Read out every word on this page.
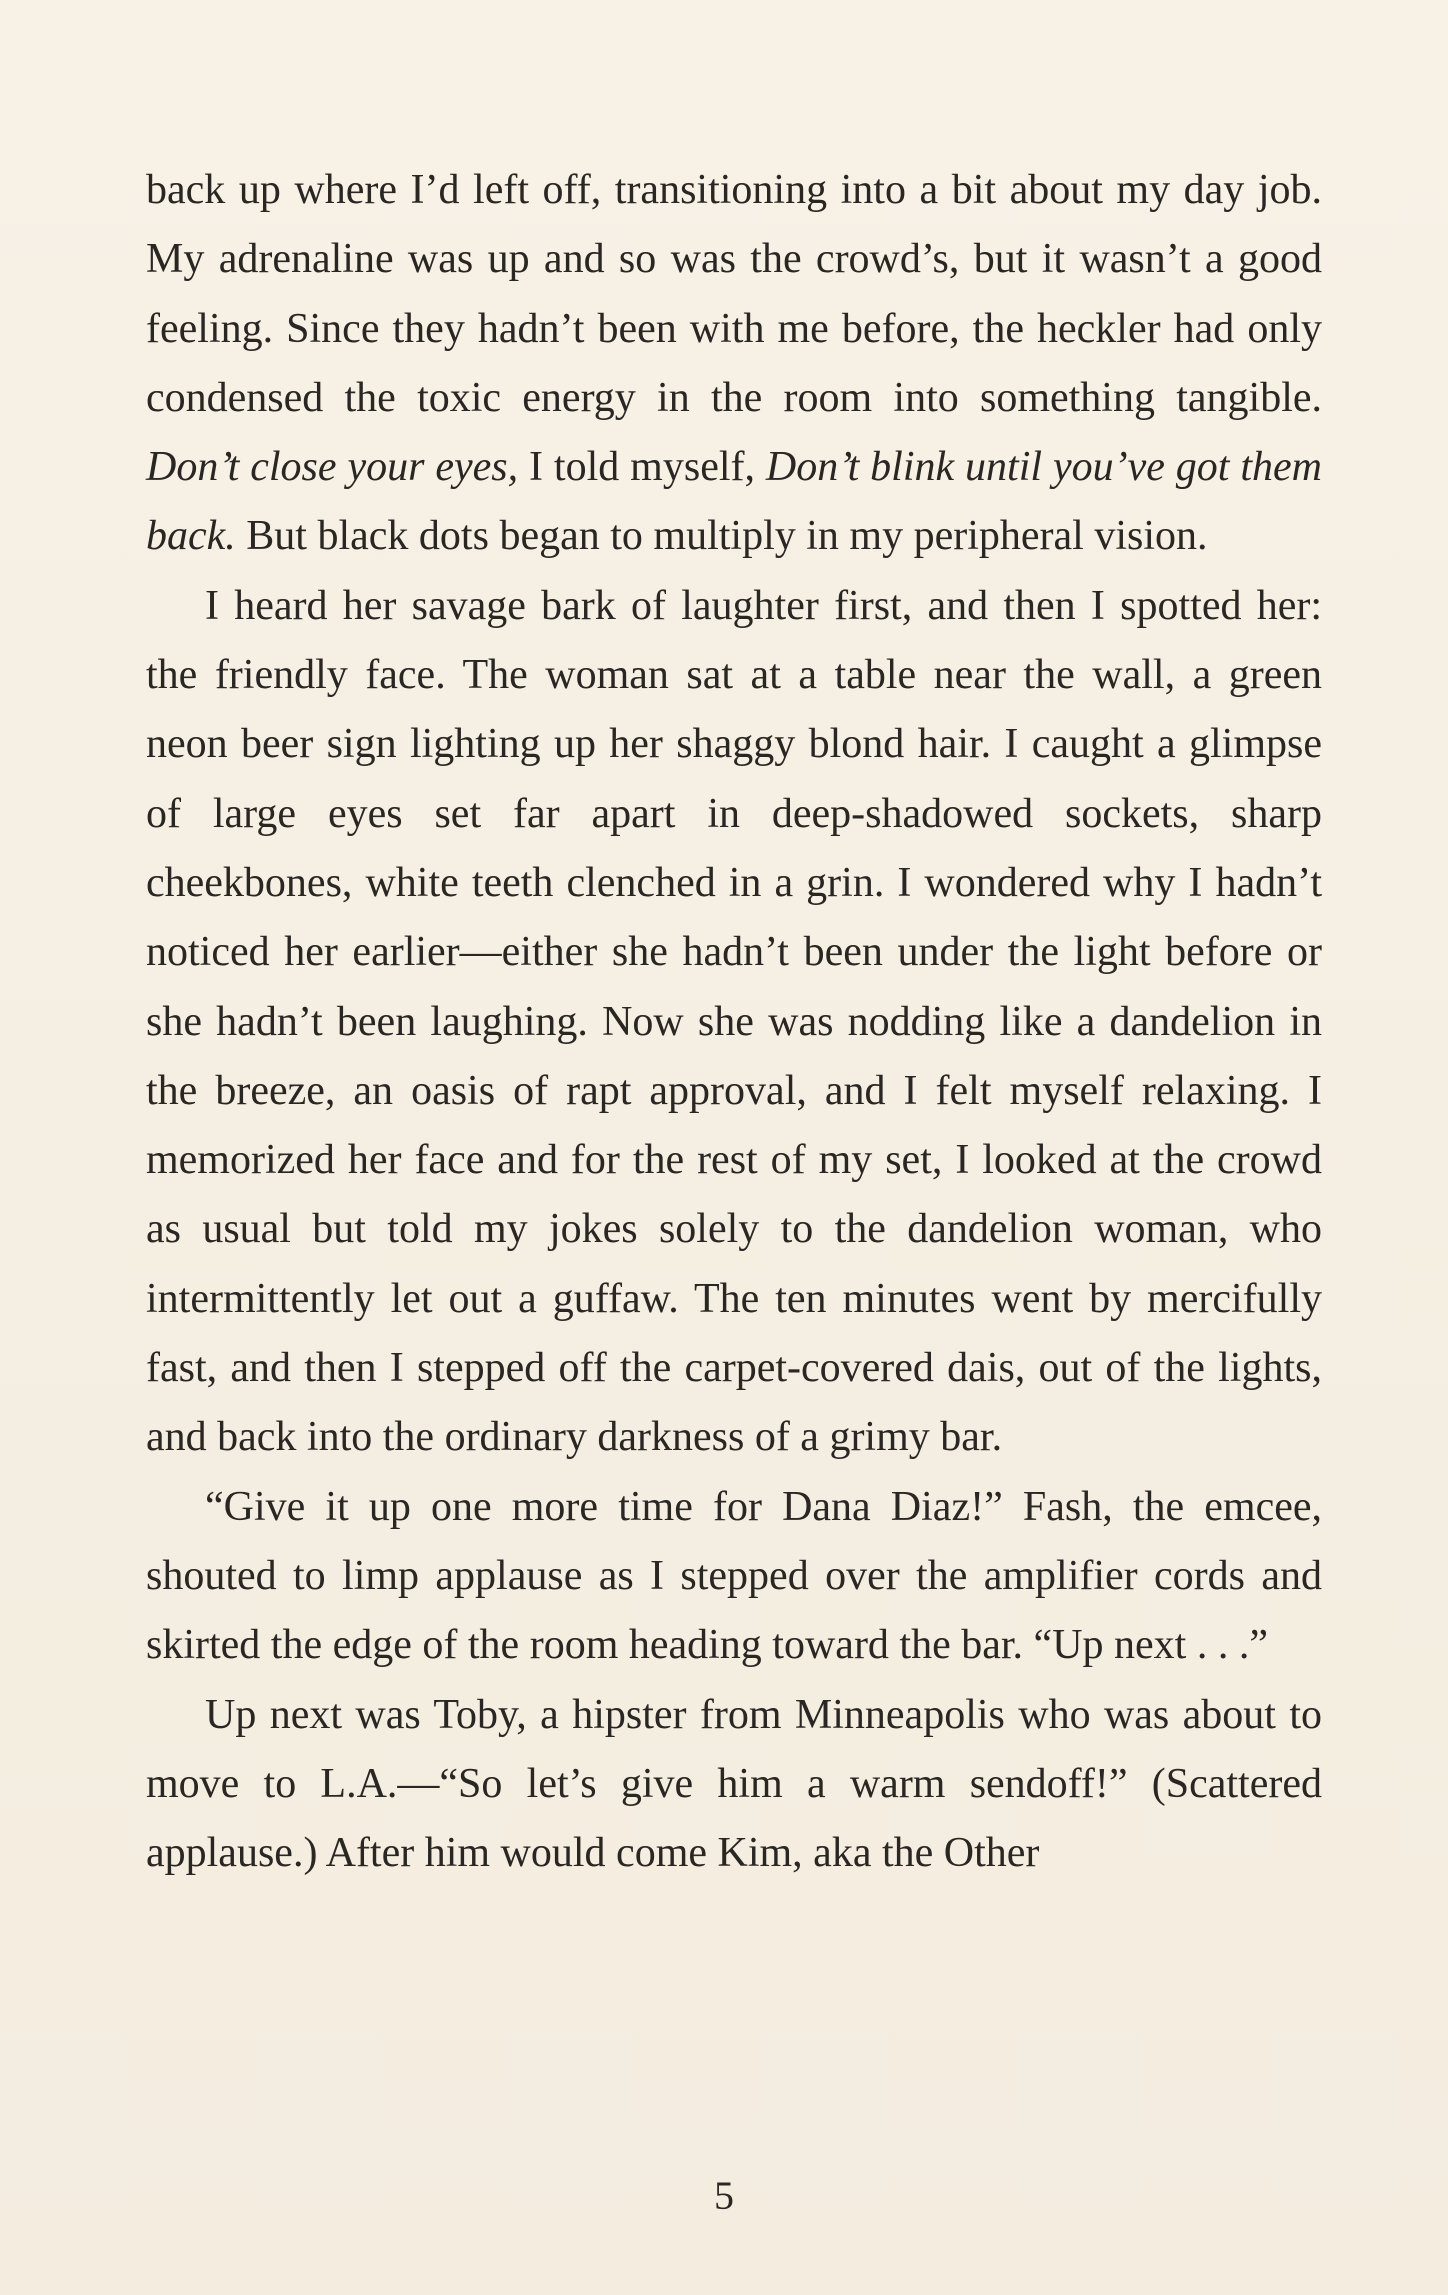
back up where I’d left off, transitioning into a bit about my day job. My adrenaline was up and so was the crowd’s, but it wasn’t a good feeling. Since they hadn’t been with me before, the heckler had only condensed the toxic energy in the room into something tangible. Don’t close your eyes, I told myself, Don’t blink until you’ve got them back. But black dots began to multiply in my peripheral vision.

I heard her savage bark of laughter first, and then I spotted her: the friendly face. The woman sat at a table near the wall, a green neon beer sign lighting up her shaggy blond hair. I caught a glimpse of large eyes set far apart in deep-shadowed sockets, sharp cheekbones, white teeth clenched in a grin. I wondered why I hadn’t noticed her earlier—either she hadn’t been under the light before or she hadn’t been laughing. Now she was nodding like a dandelion in the breeze, an oasis of rapt approval, and I felt myself relaxing. I memorized her face and for the rest of my set, I looked at the crowd as usual but told my jokes solely to the dandelion woman, who intermittently let out a guffaw. The ten minutes went by mercifully fast, and then I stepped off the carpet-covered dais, out of the lights, and back into the ordinary darkness of a grimy bar.

“Give it up one more time for Dana Diaz!” Fash, the emcee, shouted to limp applause as I stepped over the amplifier cords and skirted the edge of the room heading toward the bar. “Up next . . .”

Up next was Toby, a hipster from Minneapolis who was about to move to L.A.—“So let’s give him a warm sendoff!” (Scattered applause.) After him would come Kim, aka the Other

5
